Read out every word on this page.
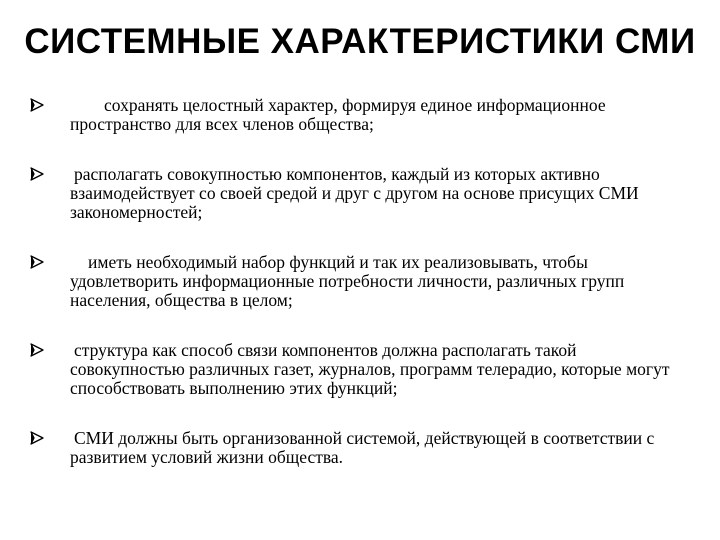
СИСТЕМНЫЕ ХАРАКТЕРИСТИКИ СМИ
сохранять целостный характер, формируя единое информационное пространство для всех членов общества;
располагать совокупностью компонентов, каждый из которых активно взаимодействует со своей средой и друг с другом на основе присущих СМИ закономерностей;
иметь необходимый набор функций и так их реализовывать, чтобы удовлетворить информационные потребности личности, различных групп населения, общества в целом;
структура как способ связи компонентов должна располагать такой совокупностью различных газет, журналов, программ телерадио, которые могут способствовать выполнению этих функций;
СМИ должны быть организованной системой, действующей в соответствии с развитием условий жизни общества.
